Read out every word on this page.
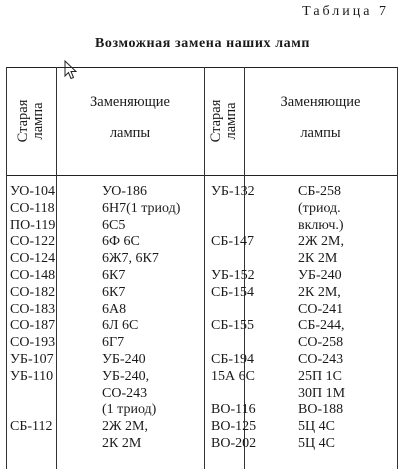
Таблица 7
Возможная замена наших ламп
Старая лампа	Старая лампа
Заменяющие
лампы
Заменяющие
лампы
УО-104
СО-118
ПО-119
СО-122
СО-124
СО-148
СО-182
СО-183
СО-187
СО-193
УБ-107
УБ-110
СБ-112
УО-186
6Н7(1 триод)
6С5
6Ф 6С
6Ж7, 6К7
6К7
6К7
6А8
6Л 6С
6Г7
УБ-240
УБ-240,
СО-243
(1 триод)
2Ж 2М,
2К 2М
УБ-132
СБ-147
УБ-152
СБ-154
СБ-155
СБ-194
15А 6С
ВО-116
ВО-125
ВО-202
СБ-258
(триод.
включ.)
2Ж 2М,
2К 2М
УБ-240
2К 2М,
СО-241
СБ-244,
СО-258
СО-243
25П 1С
30П 1М
ВО-188
5Ц 4С
5Ц 4С
